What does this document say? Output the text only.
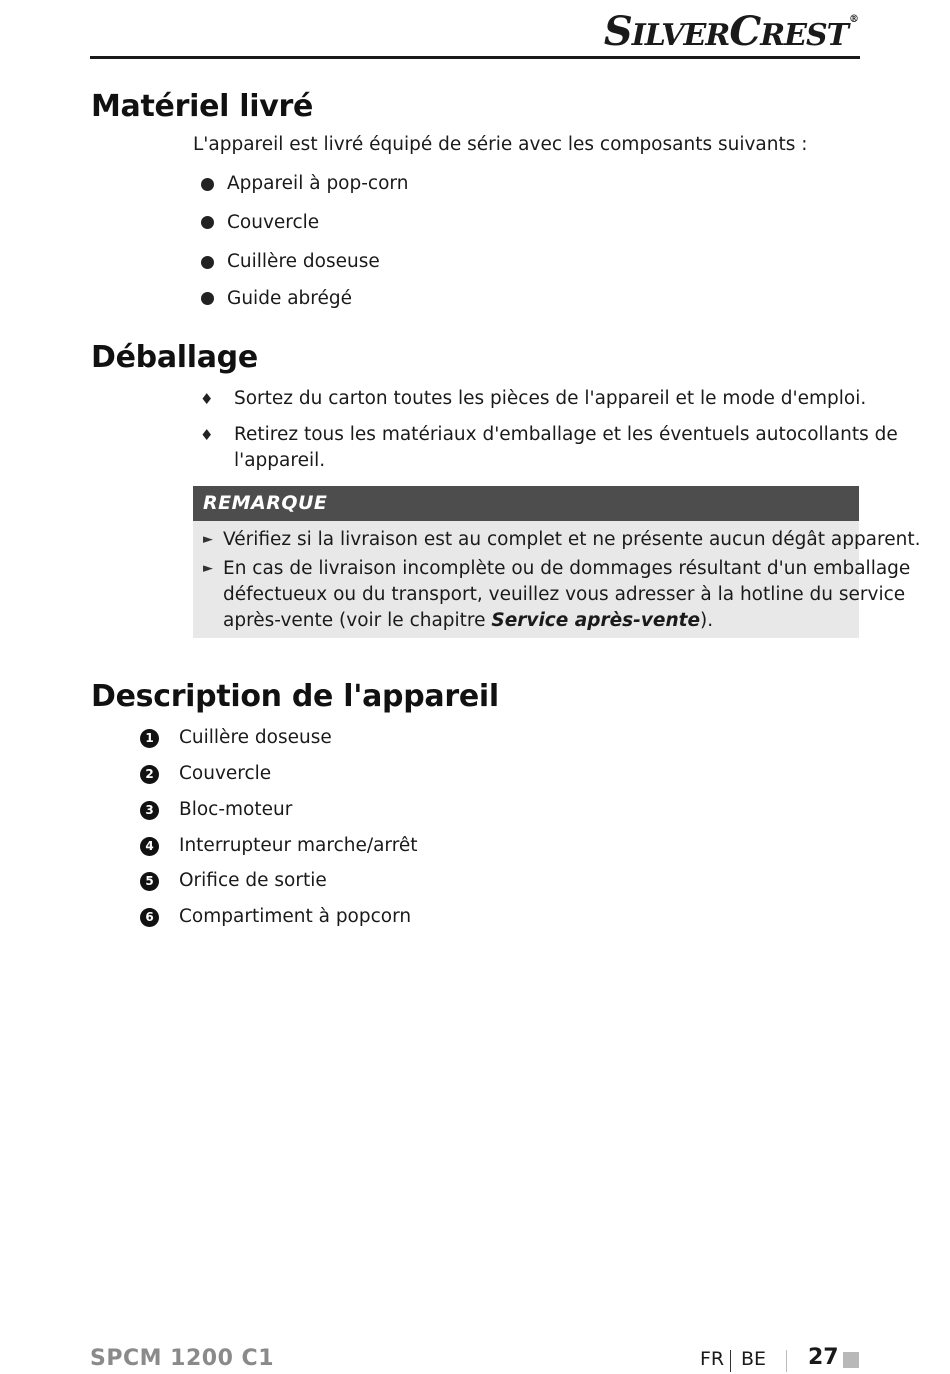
SILVERCREST®
Matériel livré
L'appareil est livré équipé de série avec les composants suivants :
Appareil à pop-corn
Couvercle
Cuillère doseuse
Guide abrégé
Déballage
♦ Sortez du carton toutes les pièces de l'appareil et le mode d'emploi.
♦ Retirez tous les matériaux d'emballage et les éventuels autocollants de
l'appareil.
REMARQUE
► Vérifiez si la livraison est au complet et ne présente aucun dégât apparent.
► En cas de livraison incomplète ou de dommages résultant d'un emballage
défectueux ou du transport, veuillez vous adresser à la hotline du service
après-vente (voir le chapitre Service après-vente).
Description de l'appareil
1 Cuillère doseuse
2 Couvercle
3 Bloc-moteur
4 Interrupteur marche/arrêt
5 Orifice de sortie
6 Compartiment à popcorn
SPCM 1200 C1	FR BE 27
